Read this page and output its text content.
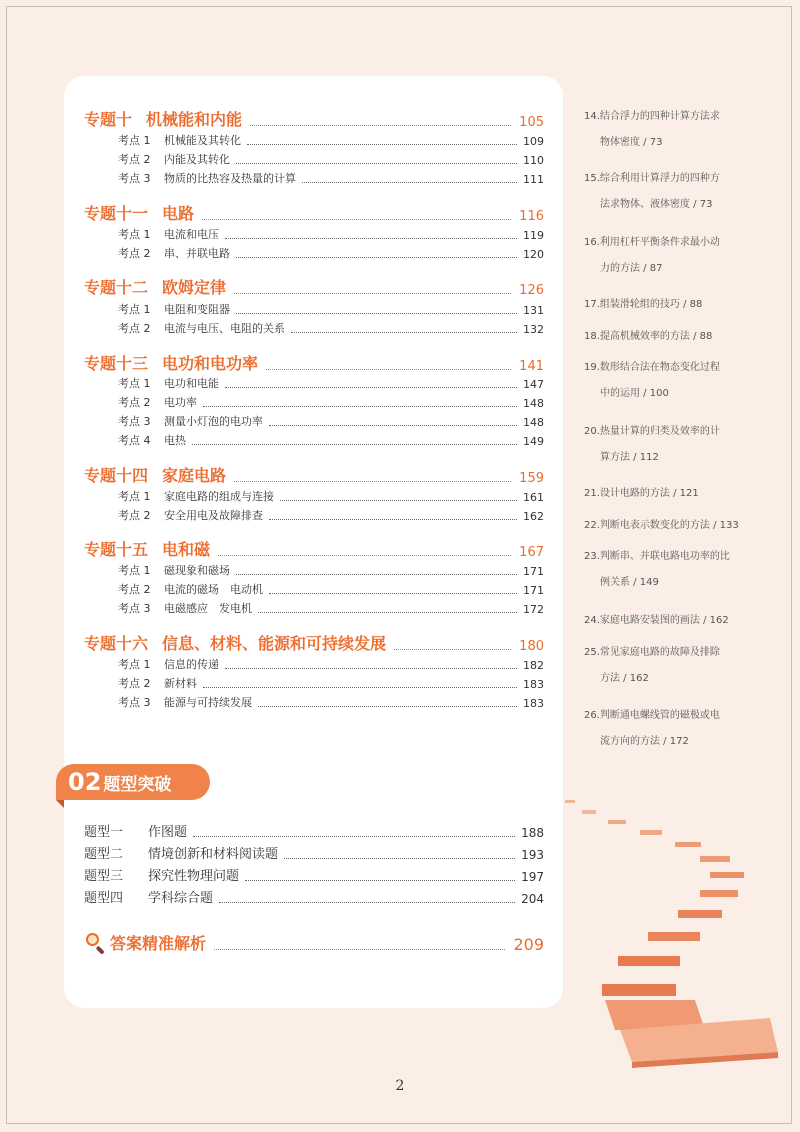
专题十 机械能和内能	105
考点 1	机械能及其转化	109
考点 2	内能及其转化	110
考点 3	物质的比热容及热量的计算	111
专题十一 电路	116
考点 1	电流和电压	119
考点 2	串、并联电路	120
专题十二 欧姆定律	126
考点 1	电阻和变阻器	131
考点 2	电流与电压、电阻的关系	132
专题十三 电功和电功率	141
考点 1	电功和电能	147
考点 2	电功率	148
考点 3	测量小灯泡的电功率	148
考点 4	电热	149
专题十四 家庭电路	159
考点 1	家庭电路的组成与连接	161
考点 2	安全用电及故障排查	162
专题十五 电和磁	167
考点 1	磁现象和磁场	171
考点 2	电流的磁场　电动机	171
考点 3	电磁感应　发电机	172
专题十六 信息、材料、能源和可持续发展	180
考点 1	信息的传递	182
考点 2	新材料	183
考点 3	能源与可持续发展	183
02 题型突破
题型一	作图题	188
题型二	情境创新和材料阅读题	193
题型三	探究性物理问题	197
题型四	学科综合题	204
答案精准解析	209
14.结合浮力的四种计算方法求
物体密度 / 73
15.综合利用计算浮力的四种方
法求物体、液体密度 / 73
16.利用杠杆平衡条件求最小动
力的方法 / 87
17.组装滑轮组的技巧 / 88
18.提高机械效率的方法 / 88
19.数形结合法在物态变化过程
中的运用 / 100
20.热量计算的归类及效率的计
算方法 / 112
21.设计电路的方法 / 121
22.判断电表示数变化的方法 / 133
23.判断串、并联电路电功率的比
例关系 / 149
24.家庭电路安装图的画法 / 162
25.常见家庭电路的故障及排除
方法 / 162
26.判断通电螺线管的磁极或电
流方向的方法 / 172
2
